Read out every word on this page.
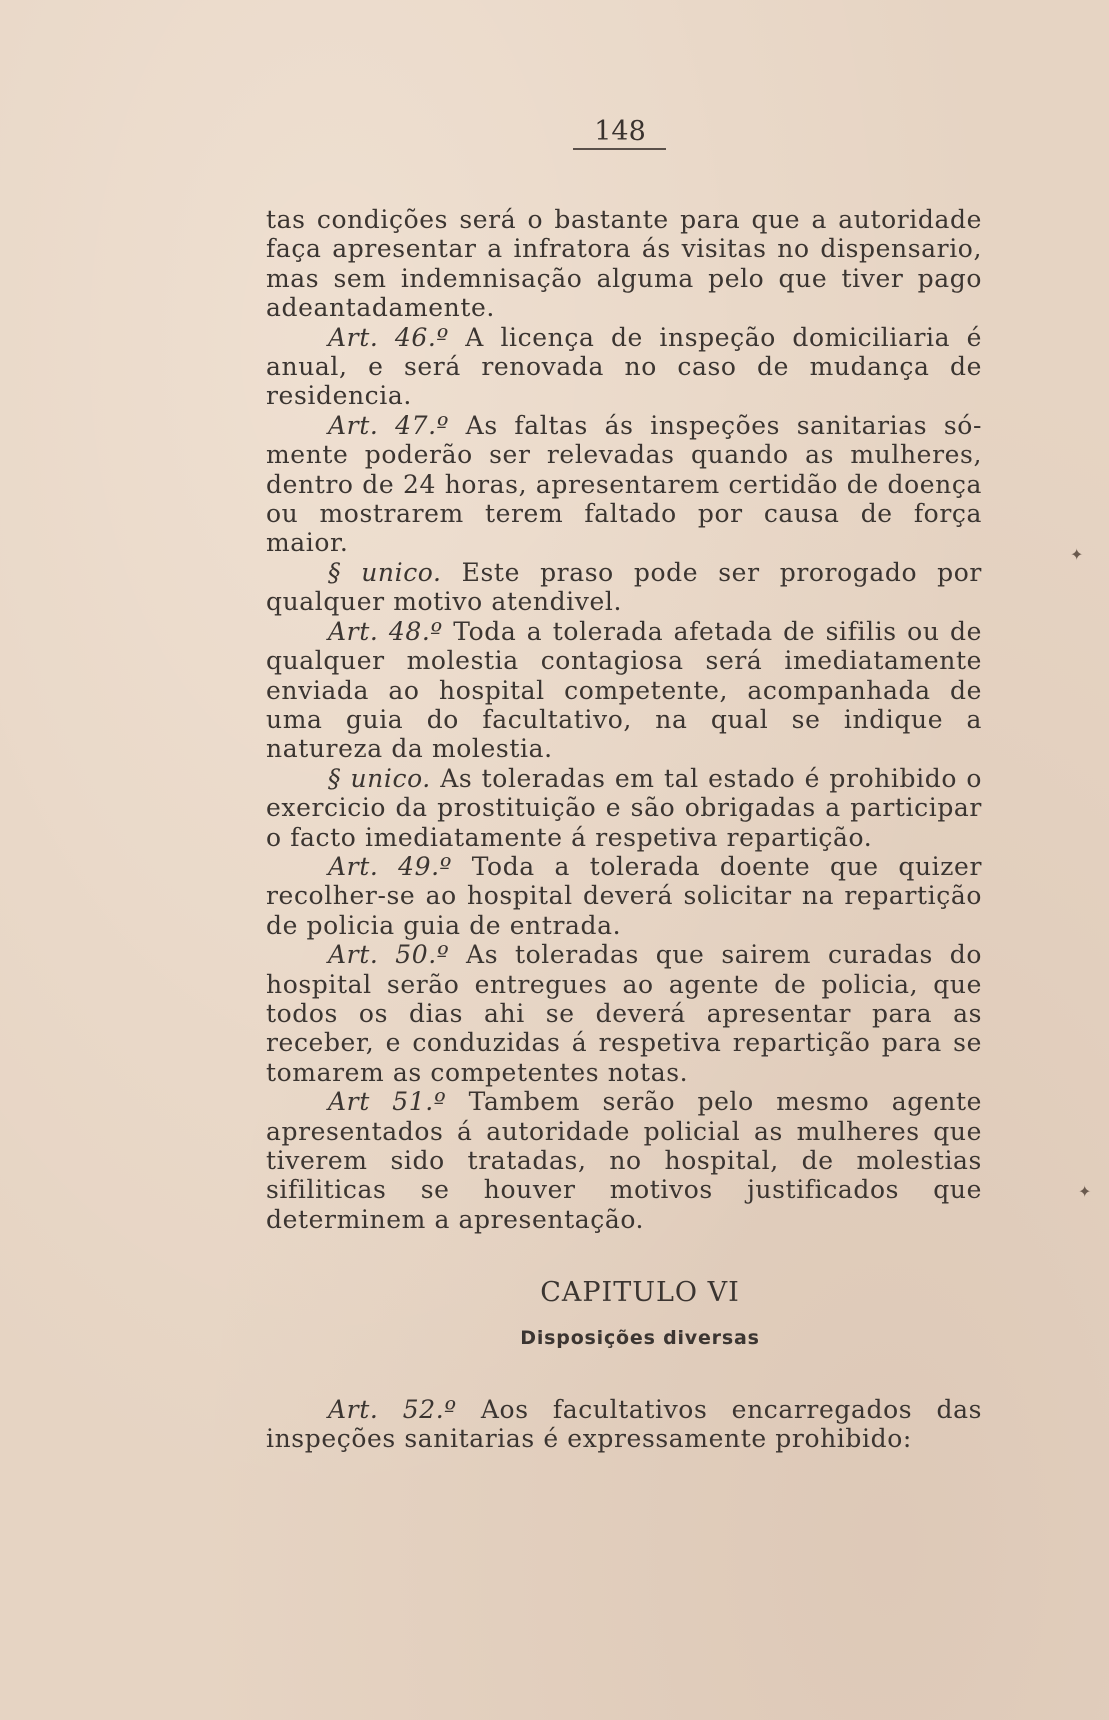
148

tas condições será o bastante para que a autoridade faça apresentar a infratora ás visitas no dispensario, mas sem indemnisação alguma pelo que tiver pago adeantadamente.

Art. 46.º A licença de inspeção domiciliaria é anual, e será renovada no caso de mudança de residencia.

Art. 47.º As faltas ás inspeções sanitarias só-mente poderão ser relevadas quando as mulheres, dentro de 24 horas, apresentarem certidão de doença ou mostrarem terem faltado por causa de força maior.

§ unico. Este praso pode ser prorogado por qualquer motivo atendivel.

Art. 48.º Toda a tolerada afetada de sifilis ou de qualquer molestia contagiosa será imediatamente enviada ao hospital competente, acompanhada de uma guia do facultativo, na qual se indique a natureza da molestia.

§ unico. As toleradas em tal estado é prohibido o exercicio da prostituição e são obrigadas a participar o facto imediatamente á respetiva repartição.

Art. 49.º Toda a tolerada doente que quizer recolher-se ao hospital deverá solicitar na repartição de policia guia de entrada.

Art. 50.º As toleradas que sairem curadas do hospital serão entregues ao agente de policia, que todos os dias ahi se deverá apresentar para as receber, e conduzidas á respetiva repartição para se tomarem as competentes notas.

Art 51.º Tambem serão pelo mesmo agente apresentados á autoridade policial as mulheres que tiverem sido tratadas, no hospital, de molestias sifiliticas se houver motivos justificados que determinem a apresentação.

CAPITULO VI
Disposições diversas

Art. 52.º Aos facultativos encarregados das inspeções sanitarias é expressamente prohibido:

✦
✦
